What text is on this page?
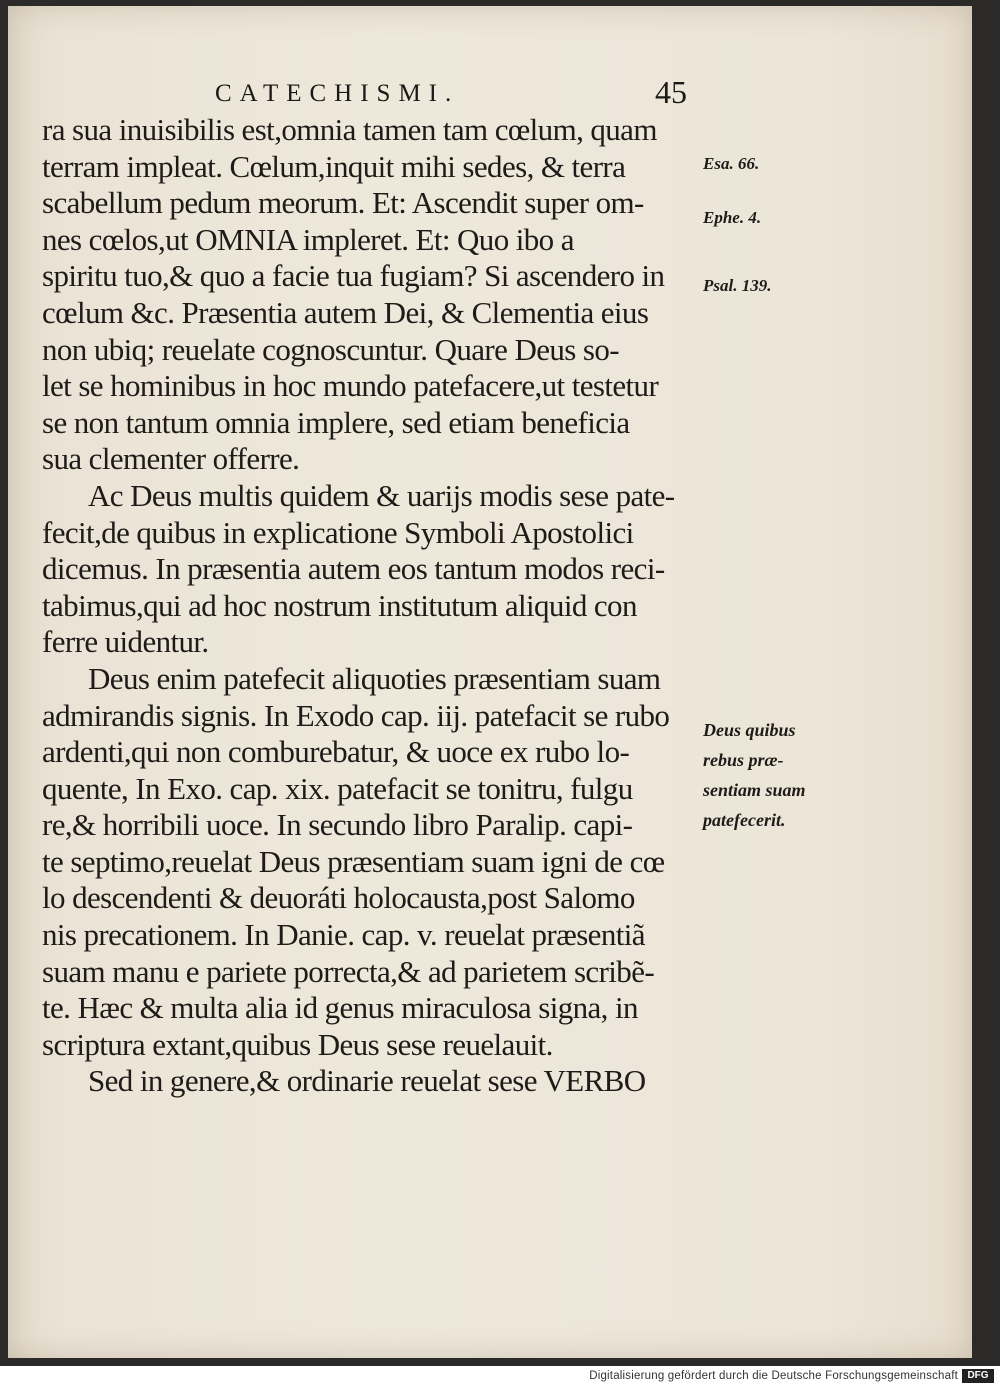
CATECHISMI.	45
ra sua inuisibilis est,omnia tamen tam cœlum, quam
terram impleat. Cœlum,inquit mihi sedes, & terra
scabellum pedum meorum. Et: Ascendit super om-
nes cœlos,ut OMNIA impleret. Et: Quo ibo a
spiritu tuo,& quo a facie tua fugiam? Si ascendero in
cœlum &c. Præsentia autem Dei, & Clementia eius
non ubiq; reuelate cognoscuntur. Quare Deus so-
let se hominibus in hoc mundo patefacere,ut testetur
se non tantum omnia implere, sed etiam beneficia
sua clementer offerre.
Ac Deus multis quidem & uarijs modis sese pate-
fecit,de quibus in explicatione Symboli Apostolici
dicemus. In præsentia autem eos tantum modos reci-
tabimus,qui ad hoc nostrum institutum aliquid con
ferre uidentur.
Deus enim patefecit aliquoties præsentiam suam
admirandis signis. In Exodo cap. iij. patefacit se rubo
ardenti,qui non comburebatur, & uoce ex rubo lo-
quente, In Exo. cap. xix. patefacit se tonitru, fulgu
re,& horribili uoce. In secundo libro Paralip. capi-
te septimo,reuelat Deus præsentiam suam igni de cœ
lo descendenti & deuoráti holocausta,post Salomo
nis precationem. In Danie. cap. v. reuelat præsentiã
suam manu e pariete porrecta,& ad parietem scribẽ-
te. Hæc & multa alia id genus miraculosa signa, in
scriptura extant,quibus Deus sese reuelauit.
Sed in genere,& ordinarie reuelat sese VERBO
Esa. 66.
Ephe. 4.
Psal. 139.
Deus quibus
rebus præ-
sentiam suam
patefecerit.
Digitalisierung gefördert durch die Deutsche Forschungsgemeinschaft DFG
